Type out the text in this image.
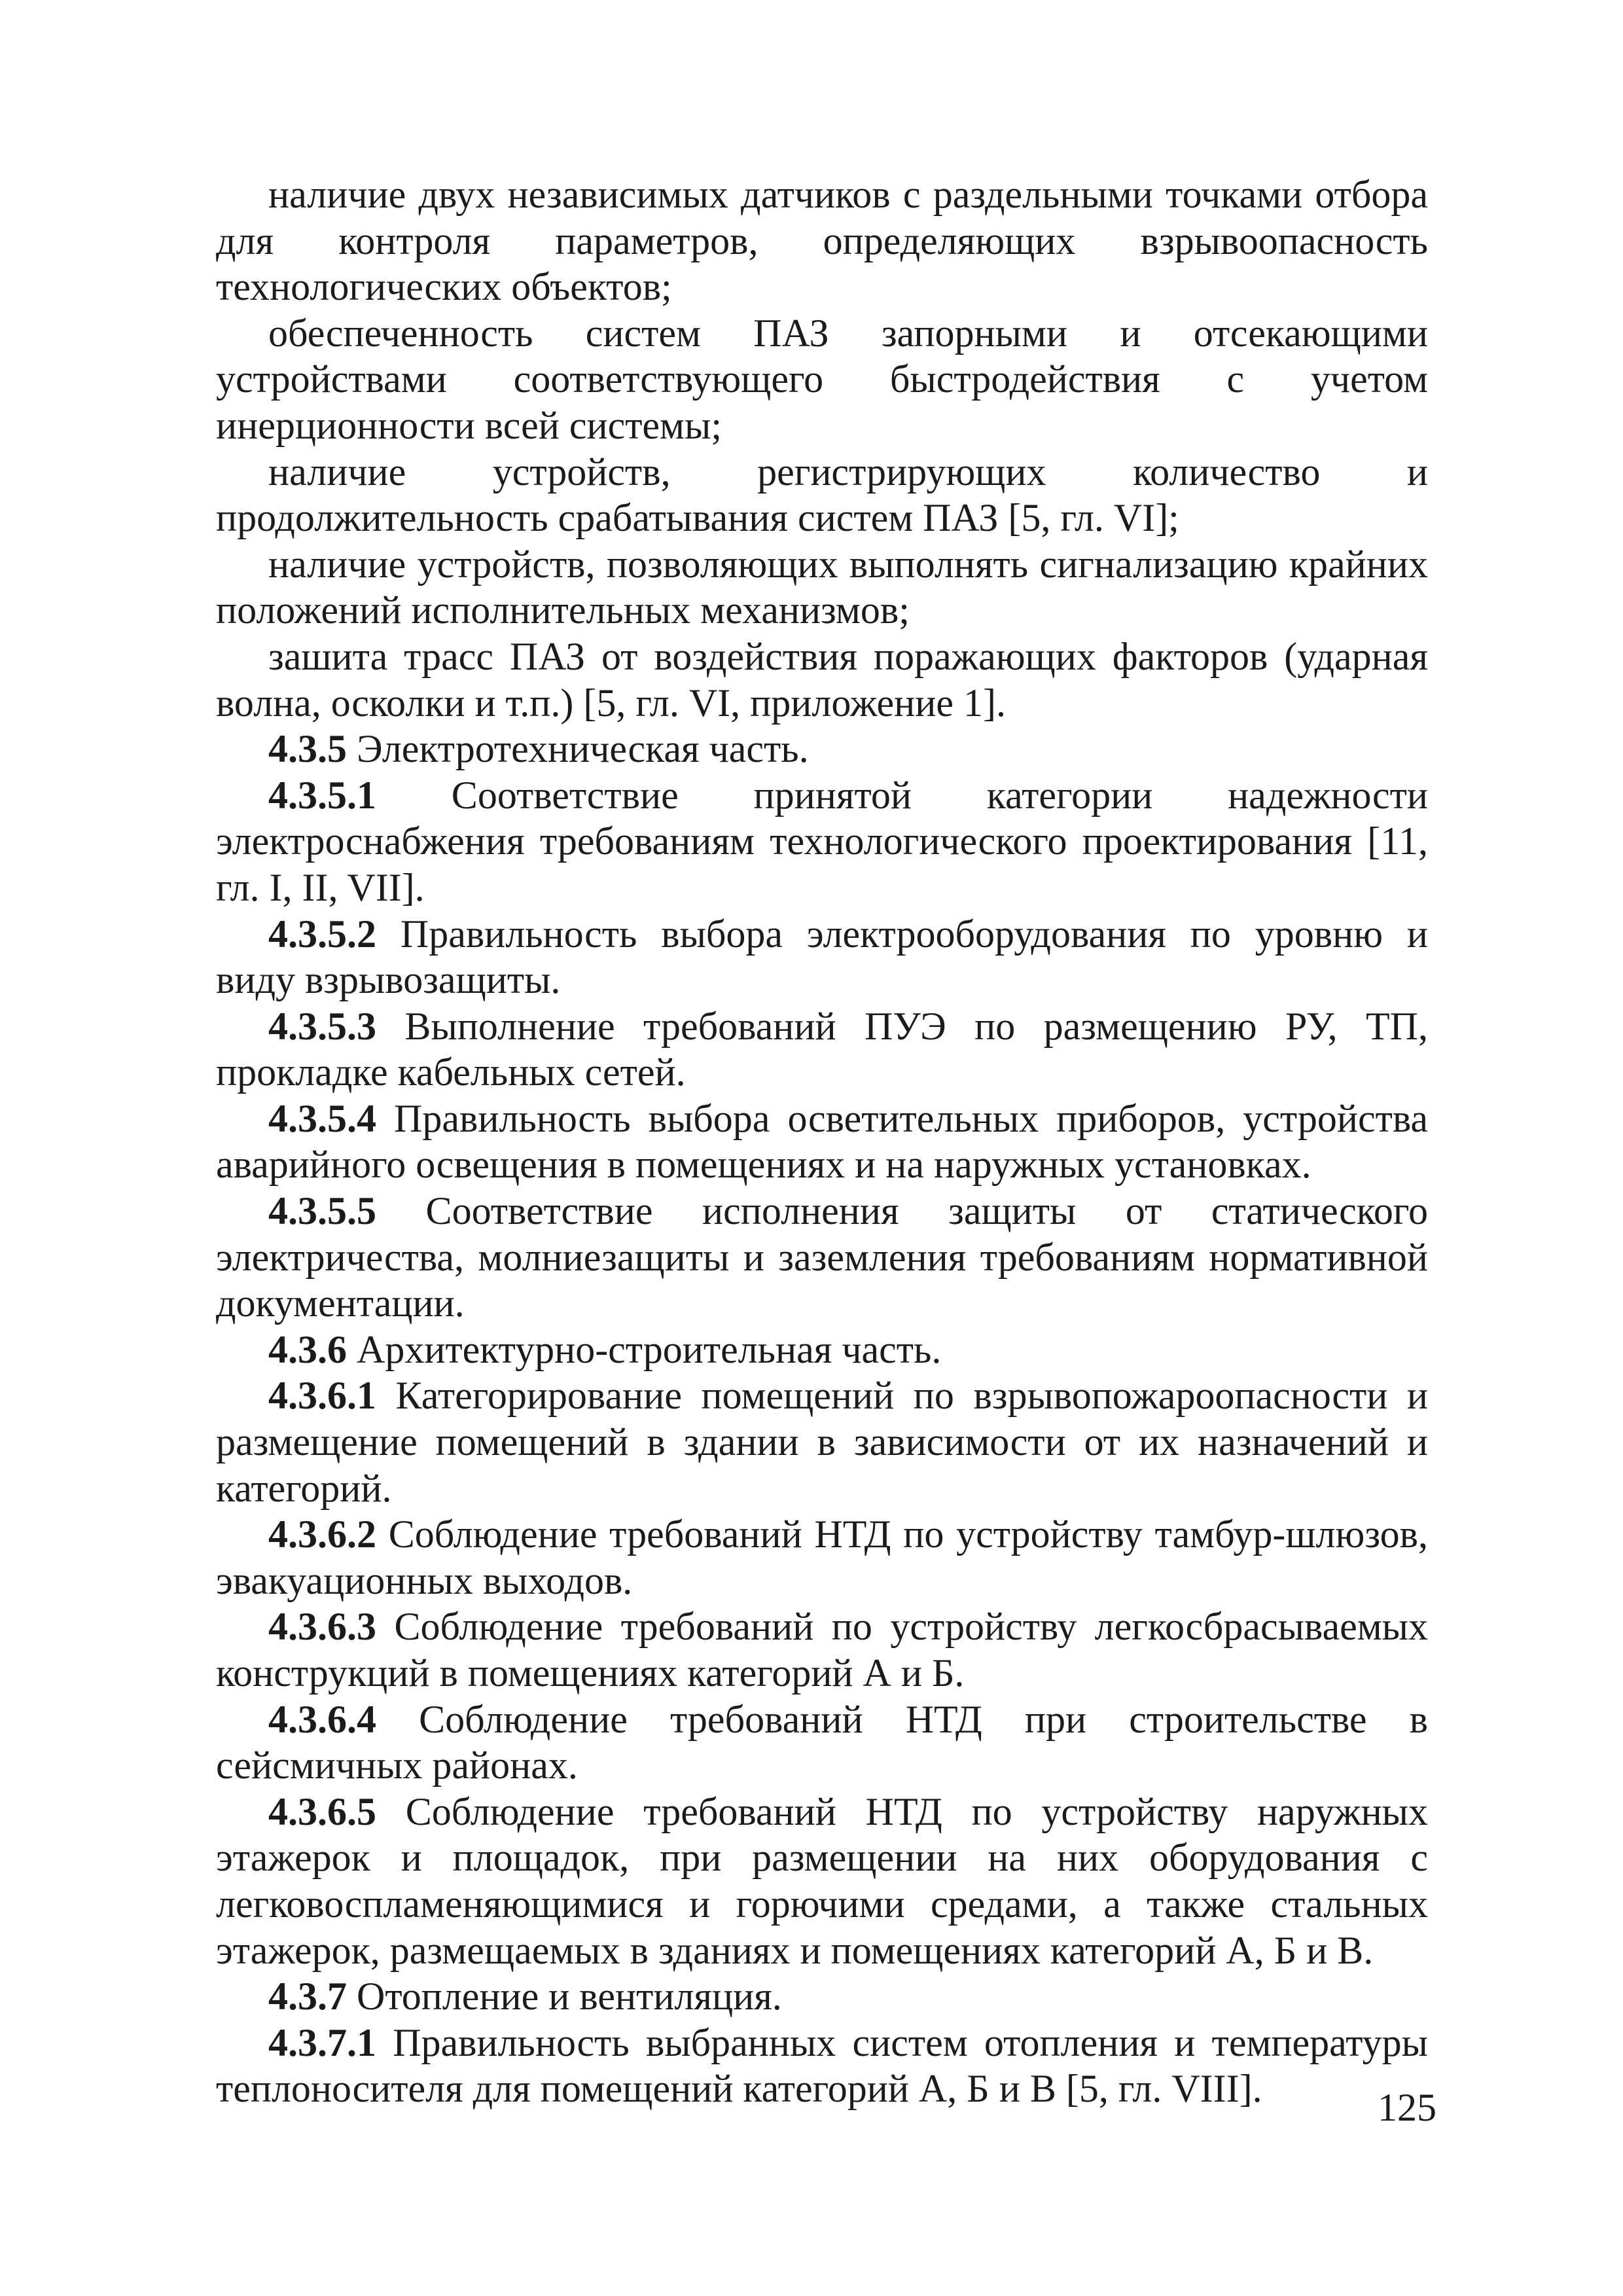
наличие двух независимых датчиков с раздельными точками отбора для контроля параметров, определяющих взрывоопасность технологических объектов;

обеспеченность систем ПАЗ запорными и отсекающими устройствами соответствующего быстродействия с учетом инерционности всей системы;

наличие устройств, регистрирующих количество и продолжительность срабатывания систем ПАЗ [5, гл. VI];

наличие устройств, позволяющих выполнять сигнализацию крайних положений исполнительных механизмов;

зашита трасс ПАЗ от воздействия поражающих факторов (ударная волна, осколки и т.п.) [5, гл. VI, приложение 1].

4.3.5 Электротехническая часть.

4.3.5.1 Соответствие принятой категории надежности электроснабжения требованиям технологического проектирования [11, гл. I, II, VII].

4.3.5.2 Правильность выбора электрооборудования по уровню и виду взрывозащиты.

4.3.5.3 Выполнение требований ПУЭ по размещению РУ, ТП, прокладке кабельных сетей.

4.3.5.4 Правильность выбора осветительных приборов, устройства аварийного освещения в помещениях и на наружных установках.

4.3.5.5 Соответствие исполнения защиты от статического электричества, молниезащиты и заземления требованиям нормативной документации.

4.3.6 Архитектурно-строительная часть.

4.3.6.1 Категорирование помещений по взрывопожароопасности и размещение помещений в здании в зависимости от их назначений и категорий.

4.3.6.2 Соблюдение требований НТД по устройству тамбур-шлюзов, эвакуационных выходов.

4.3.6.3 Соблюдение требований по устройству легкосбрасываемых конструкций в помещениях категорий А и Б.

4.3.6.4 Соблюдение требований НТД при строительстве в сейсмичных районах.

4.3.6.5 Соблюдение требований НТД по устройству наружных этажерок и площадок, при размещении на них оборудования с легковоспламеняющимися и горючими средами, а также стальных этажерок, размещаемых в зданиях и помещениях категорий А, Б и В.

4.3.7 Отопление и вентиляция.

4.3.7.1 Правильность выбранных систем отопления и температуры теплоносителя для помещений категорий А, Б и В [5, гл. VIII].	125
